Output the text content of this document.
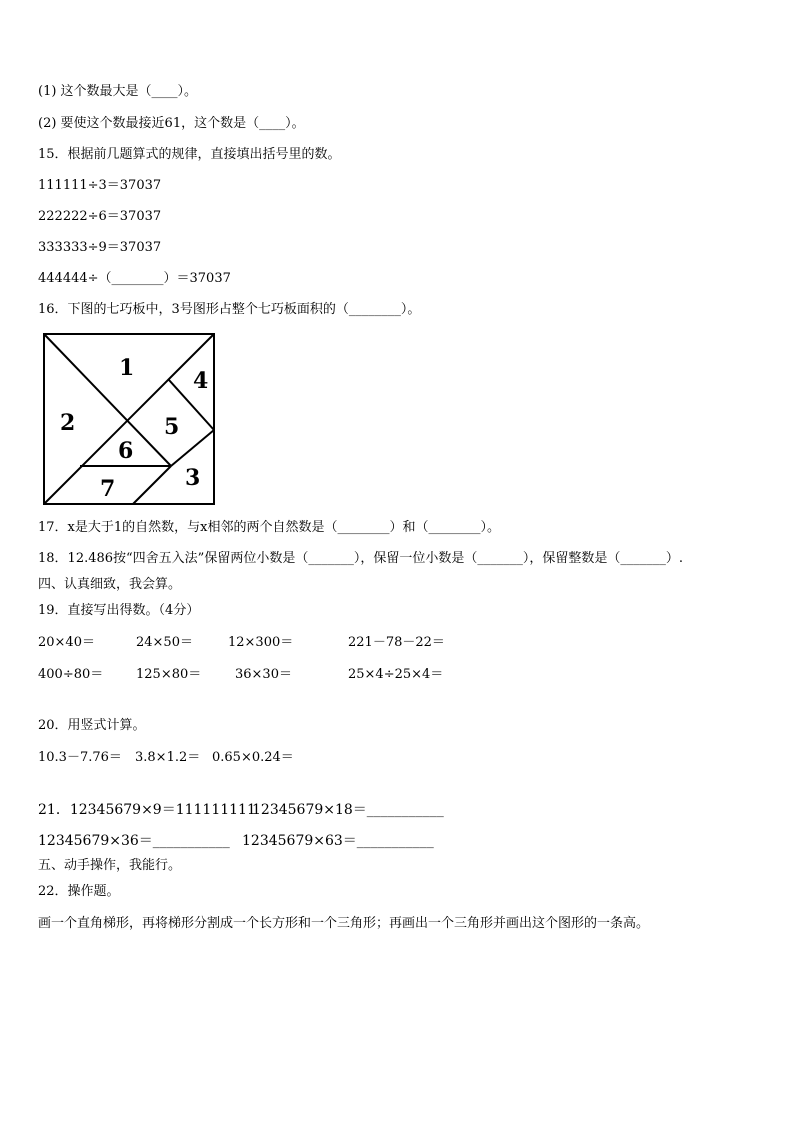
(1) 这个数最大是（____）。
(2) 要使这个数最接近61，这个数是（____）。
15．根据前几题算式的规律，直接填出括号里的数。
111111÷3＝37037
222222÷6＝37037
333333÷9＝37037
444444÷（________）＝37037
16．下图的七巧板中，3号图形占整个七巧板面积的（________）。
1
2
3
4
5
6
7
17．x是大于1的自然数，与x相邻的两个自然数是（________）和（________）。
18．12.486按“四舍五入法”保留两位小数是（_______），保留一位小数是（_______），保留整数是（_______）.
四、认真细致，我会算。
19．直接写出得数。（4分）
20×40＝	24×50＝	12×300＝	221－78－22＝
400÷80＝	125×80＝	36×30＝	25×4÷25×4＝
20．用竖式计算。
10.3－7.76＝ 3.8×1.2＝ 0.65×0.24＝
21．12345679×9＝111111111
12345679×18＝___________
12345679×36＝___________ 12345679×63＝___________
五、动手操作，我能行。
22．操作题。
画一个直角梯形，再将梯形分割成一个长方形和一个三角形；再画出一个三角形并画出这个图形的一条高。
